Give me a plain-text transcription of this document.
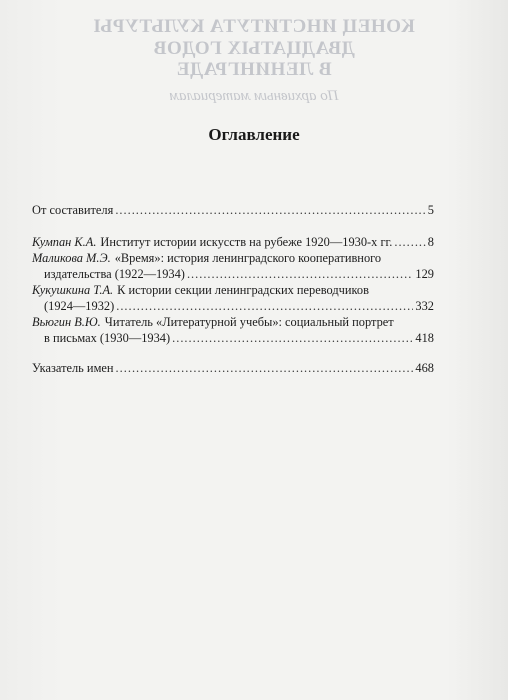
КОНЕЦ ИНСТИТУТА КУЛЬТУРЫ
ДВАДЦАТЫХ ГОДОВ
В ЛЕНИНГРАДЕ
По архивным материалам
Оглавление
От составителя .....	5
Кумпан К.А. Институт истории искусств на рубеже 1920—1930-х гг. .....	8
Маликова М.Э. «Время»: история ленинградского кооперативного
издательства (1922—1934) .....	129
Кукушкина Т.А. К истории секции ленинградских переводчиков
(1924—1932) .....	332
Вьюгин В.Ю. Читатель «Литературной учебы»: социальный портрет
в письмах (1930—1934) .....	418
Указатель имен .....	468
